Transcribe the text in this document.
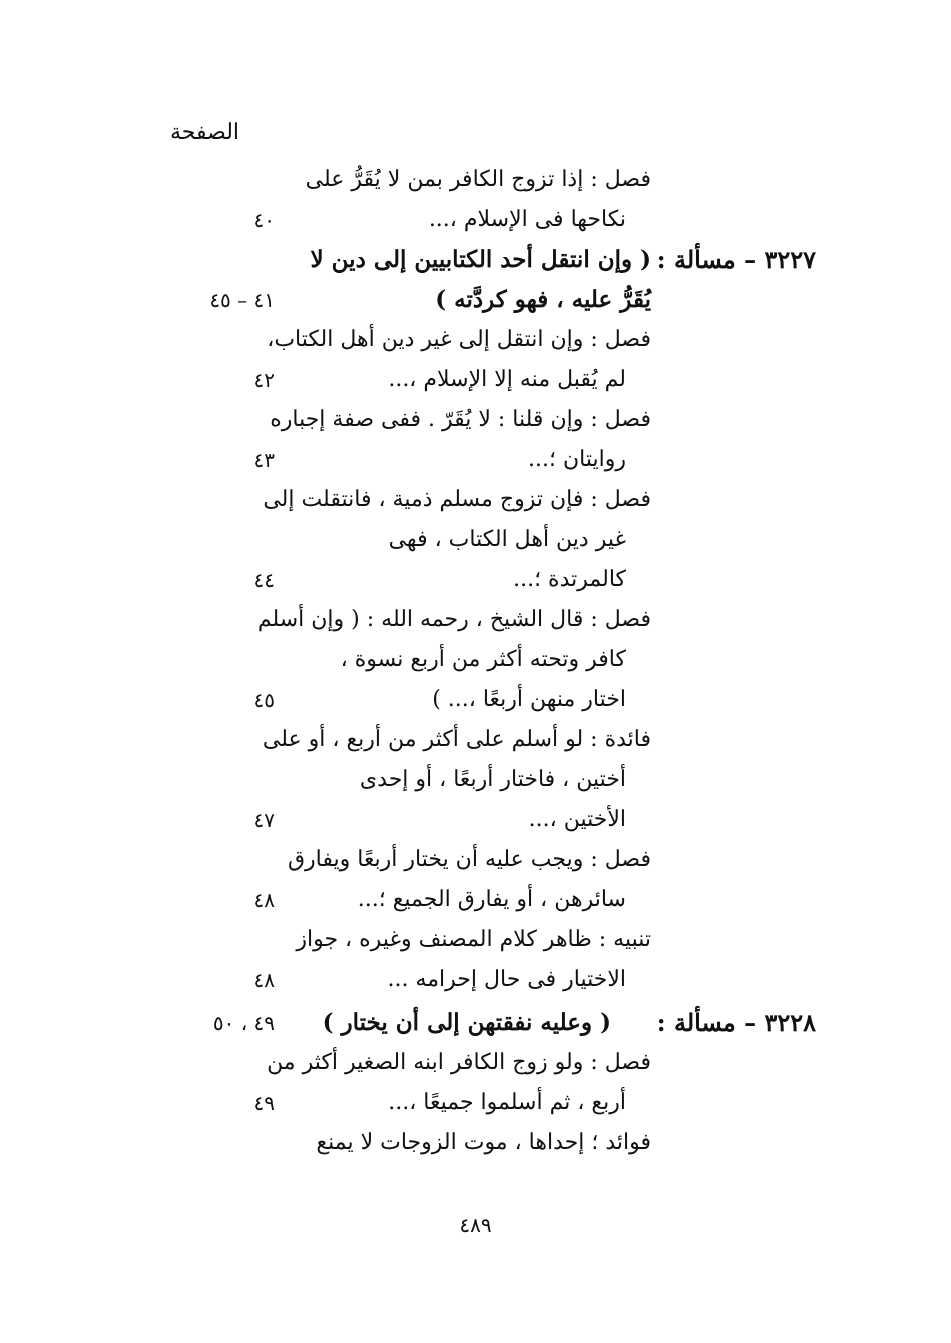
الصفحة
فصل : إذا تزوج الكافر بمن لا يُقَرُّ على
نكاحها فى الإسلام ،...
٤٠
٣٢٢٧ – مسألة :
( وإن انتقل أحد الكتابيين إلى دين لا
يُقَرُّ عليه ، فهو كردَّته )
٤١ – ٤٥
فصل : وإن انتقل إلى غير دين أهل الكتاب،
لم يُقبل منه إلا الإسلام ،...
٤٢
فصل : وإن قلنا : لا يُقَرّ . ففى صفة إجباره
روايتان ؛...
٤٣
فصل : فإن تزوج مسلم ذمية ، فانتقلت إلى
غير دين أهل الكتاب ، فهى
كالمرتدة ؛...
٤٤
فصل : قال الشيخ ، رحمه الله : ( وإن أسلم
كافر وتحته أكثر من أربع نسوة ،
اختار منهن أربعًا ،... )
٤٥
فائدة : لو أسلم على أكثر من أربع ، أو على
أختين ، فاختار أربعًا ، أو إحدى
الأختين ،...
٤٧
فصل : ويجب عليه أن يختار أربعًا ويفارق
سائرهن ، أو يفارق الجميع ؛...
٤٨
تنبيه : ظاهر كلام المصنف وغيره ، جواز
الاختيار فى حال إحرامه ...
٤٨
٣٢٢٨ – مسألة :
( وعليه نفقتهن إلى أن يختار )
٤٩ ، ٥٠
فصل : ولو زوج الكافر ابنه الصغير أكثر من
أربع ، ثم أسلموا جميعًا ،...
٤٩
فوائد ؛ إحداها ، موت الزوجات لا يمنع
٤٨٩
